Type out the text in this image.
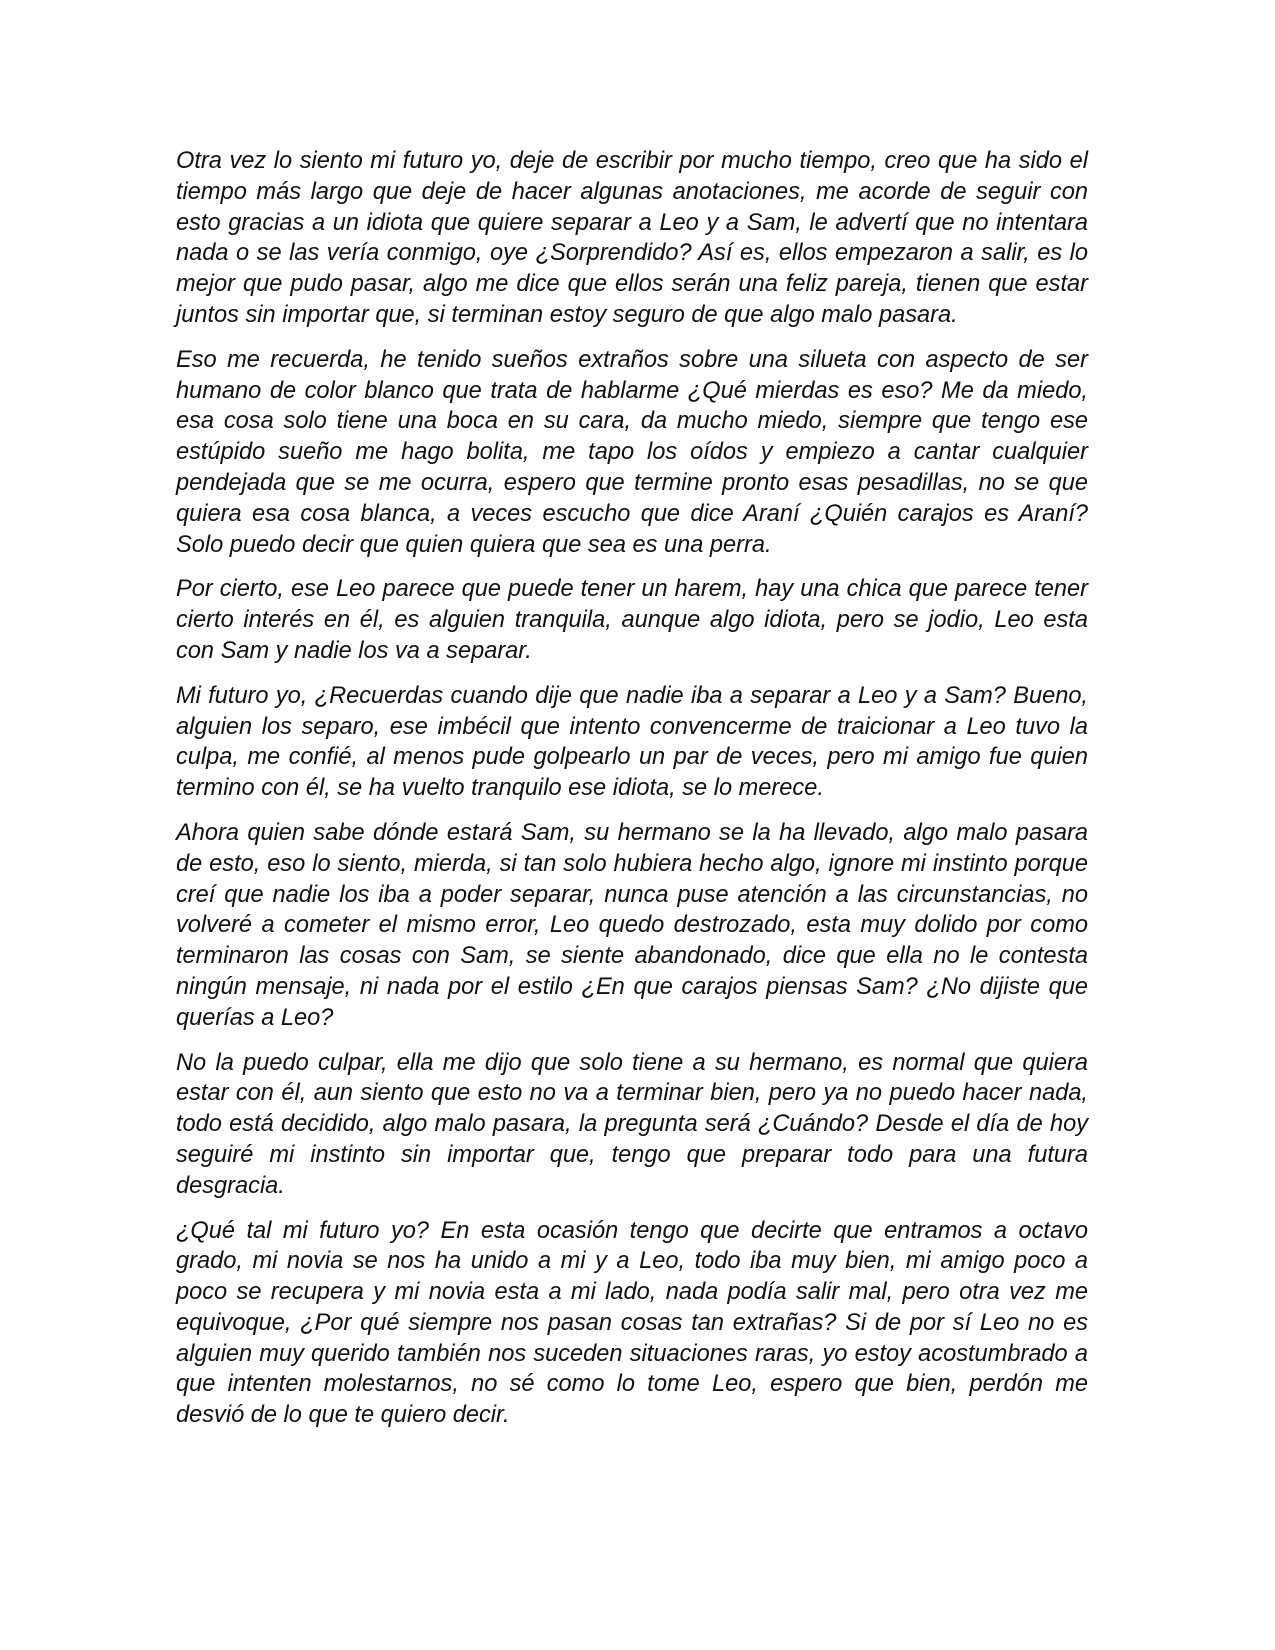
Otra vez lo siento mi futuro yo, deje de escribir por mucho tiempo, creo que ha sido el tiempo más largo que deje de hacer algunas anotaciones, me acorde de seguir con esto gracias a un idiota que quiere separar a Leo y a Sam, le advertí que no intentara nada o se las vería conmigo, oye ¿Sorprendido? Así es, ellos empezaron a salir, es lo mejor que pudo pasar, algo me dice que ellos serán una feliz pareja, tienen que estar juntos sin importar que, si terminan estoy seguro de que algo malo pasara.

Eso me recuerda, he tenido sueños extraños sobre una silueta con aspecto de ser humano de color blanco que trata de hablarme ¿Qué mierdas es eso? Me da miedo, esa cosa solo tiene una boca en su cara, da mucho miedo, siempre que tengo ese estúpido sueño me hago bolita, me tapo los oídos y empiezo a cantar cualquier pendejada que se me ocurra, espero que termine pronto esas pesadillas, no se que quiera esa cosa blanca, a veces escucho que dice Araní ¿Quién carajos es Araní? Solo puedo decir que quien quiera que sea es una perra.

Por cierto, ese Leo parece que puede tener un harem, hay una chica que parece tener cierto interés en él, es alguien tranquila, aunque algo idiota, pero se jodio, Leo esta con Sam y nadie los va a separar.

Mi futuro yo, ¿Recuerdas cuando dije que nadie iba a separar a Leo y a Sam? Bueno, alguien los separo, ese imbécil que intento convencerme de traicionar a Leo tuvo la culpa, me confié, al menos pude golpearlo un par de veces, pero mi amigo fue quien termino con él, se ha vuelto tranquilo ese idiota, se lo merece.

Ahora quien sabe dónde estará Sam, su hermano se la ha llevado, algo malo pasara de esto, eso lo siento, mierda, si tan solo hubiera hecho algo, ignore mi instinto porque creí que nadie los iba a poder separar, nunca puse atención a las circunstancias, no volveré a cometer el mismo error, Leo quedo destrozado, esta muy dolido por como terminaron las cosas con Sam, se siente abandonado, dice que ella no le contesta ningún mensaje, ni nada por el estilo ¿En que carajos piensas Sam? ¿No dijiste que querías a Leo?

No la puedo culpar, ella me dijo que solo tiene a su hermano, es normal que quiera estar con él, aun siento que esto no va a terminar bien, pero ya no puedo hacer nada, todo está decidido, algo malo pasara, la pregunta será ¿Cuándo? Desde el día de hoy seguiré mi instinto sin importar que, tengo que preparar todo para una futura desgracia.

¿Qué tal mi futuro yo? En esta ocasión tengo que decirte que entramos a octavo grado, mi novia se nos ha unido a mi y a Leo, todo iba muy bien, mi amigo poco a poco se recupera y mi novia esta a mi lado, nada podía salir mal, pero otra vez me equivoque, ¿Por qué siempre nos pasan cosas tan extrañas? Si de por sí Leo no es alguien muy querido también nos suceden situaciones raras, yo estoy acostumbrado a que intenten molestarnos, no sé como lo tome Leo, espero que bien, perdón me desvió de lo que te quiero decir.
